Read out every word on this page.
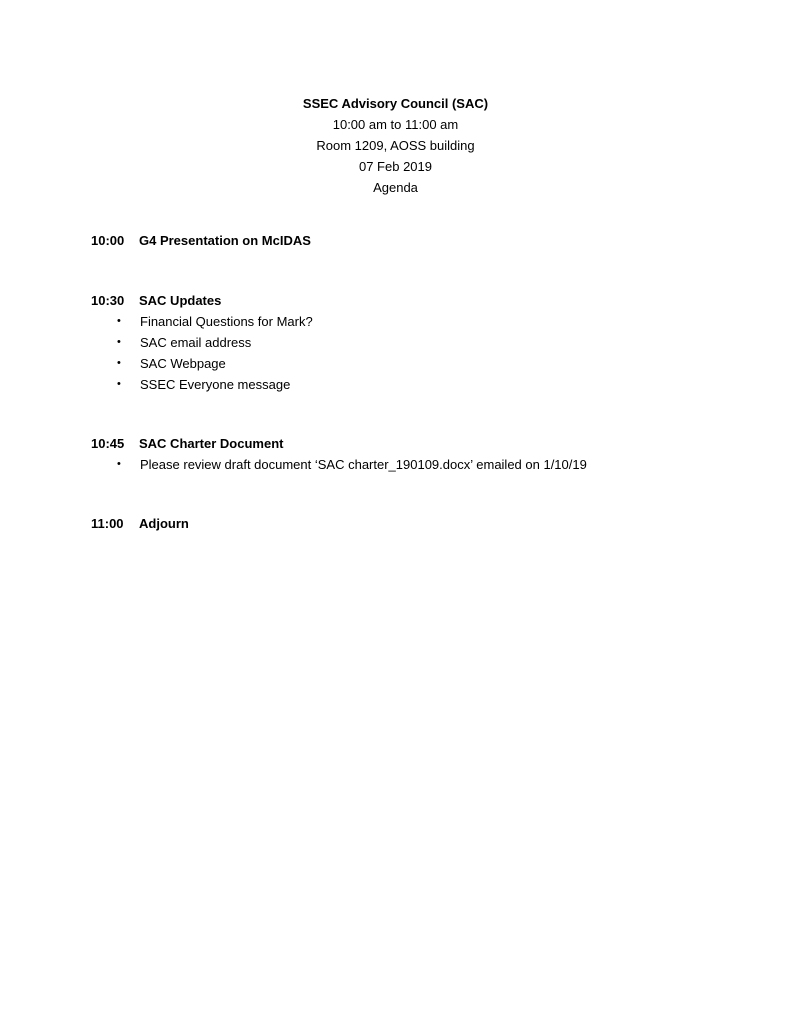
SSEC Advisory Council (SAC)
10:00 am to 11:00 am
Room 1209, AOSS building
07 Feb 2019
Agenda
10:00	G4 Presentation on McIDAS
10:30	SAC Updates
• Financial Questions for Mark?
• SAC email address
• SAC Webpage
• SSEC Everyone message
10:45	SAC Charter Document
• Please review draft document ‘SAC charter_190109.docx’ emailed on 1/10/19
11:00	Adjourn
